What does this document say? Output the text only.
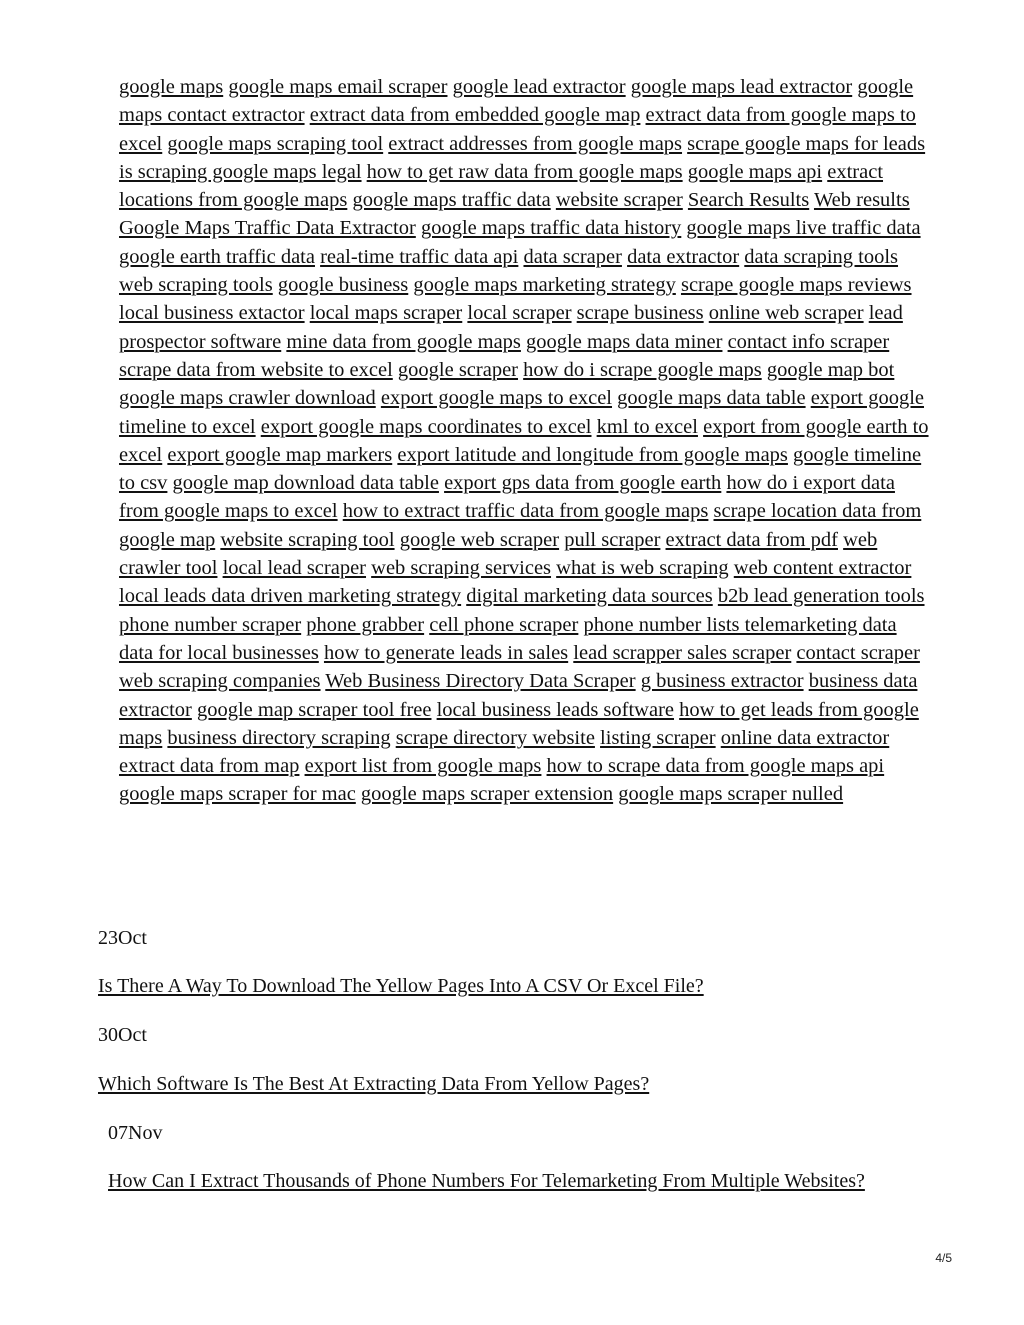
google maps google maps email scraper google lead extractor google maps lead extractor google maps contact extractor extract data from embedded google map extract data from google maps to excel google maps scraping tool extract addresses from google maps scrape google maps for leads is scraping google maps legal how to get raw data from google maps google maps api extract locations from google maps google maps traffic data website scraper Search Results Web results Google Maps Traffic Data Extractor google maps traffic data history google maps live traffic data google earth traffic data real-time traffic data api data scraper data extractor data scraping tools web scraping tools google business google maps marketing strategy scrape google maps reviews local business extactor local maps scraper local scraper scrape business online web scraper lead prospector software mine data from google maps google maps data miner contact info scraper scrape data from website to excel google scraper how do i scrape google maps google map bot google maps crawler download export google maps to excel google maps data table export google timeline to excel export google maps coordinates to excel kml to excel export from google earth to excel export google map markers export latitude and longitude from google maps google timeline to csv google map download data table export gps data from google earth how do i export data from google maps to excel how to extract traffic data from google maps scrape location data from google map website scraping tool google web scraper pull scraper extract data from pdf web crawler tool local lead scraper web scraping services what is web scraping web content extractor local leads data driven marketing strategy digital marketing data sources b2b lead generation tools phone number scraper phone grabber cell phone scraper phone number lists telemarketing data data for local businesses how to generate leads in sales lead scrapper sales scraper contact scraper web scraping companies Web Business Directory Data Scraper g business extractor business data extractor google map scraper tool free local business leads software how to get leads from google maps business directory scraping scrape directory website listing scraper online data extractor extract data from map export list from google maps how to scrape data from google maps api google maps scraper for mac google maps scraper extension google maps scraper nulled
23Oct
Is There A Way To Download The Yellow Pages Into A CSV Or Excel File?
30Oct
Which Software Is The Best At Extracting Data From Yellow Pages?
07Nov
How Can I Extract Thousands of Phone Numbers For Telemarketing From Multiple Websites?
4/5
